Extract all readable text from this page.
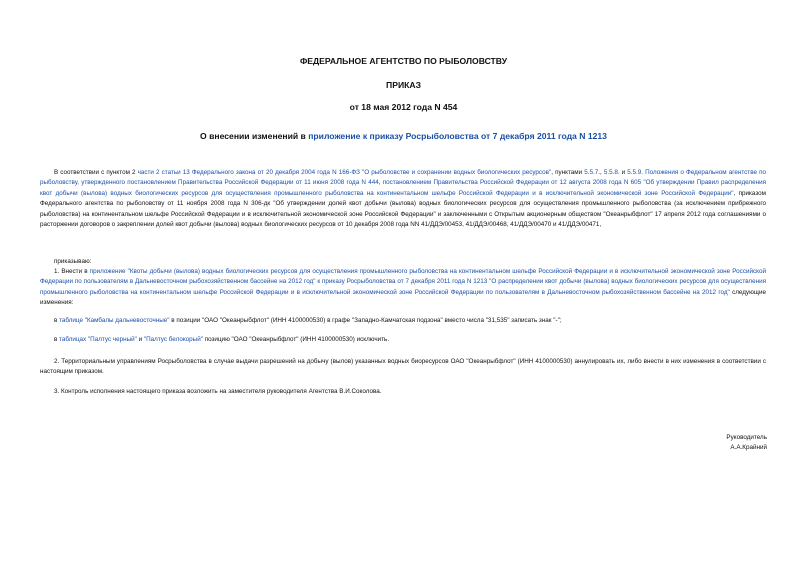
ФЕДЕРАЛЬНОЕ АГЕНТСТВО ПО РЫБОЛОВСТВУ
ПРИКАЗ
от 18 мая 2012 года N 454
О внесении изменений в приложение к приказу Росрыболовства от 7 декабря 2011 года N 1213
В соответствии с пунктом 2 части 2 статьи 13 Федерального закона от 20 декабря 2004 года N 166-ФЗ "О рыболовстве и сохранении водных биологических ресурсов", пунктами 5.5.7., 5.5.8. и 5.5.9. Положения о Федеральном агентстве по рыболовству, утвержденного постановлением Правительства Российской Федерации от 11 июня 2008 года N 444, постановлением Правительства Российской Федерации от 12 августа 2008 года N 605 "Об утверждении Правил распределения квот добычи (вылова) водных биологических ресурсов для осуществления промышленного рыболовства на континентальном шельфе Российской Федерации и в исключительной экономической зоне Российской Федерации", приказом Федерального агентства по рыболовству от 11 ноября 2008 года N 306-дк "Об утверждении долей квот добычи (вылова) водных биологических ресурсов для осуществления промышленного рыболовства (за исключением прибрежного рыболовства) на континентальном шельфе Российской Федерации и в исключительной экономической зоне Российской Федерации" и заключенными с Открытым акционерным обществом "Океанрыбфлот" 17 апреля 2012 года соглашениями о расторжении договоров о закреплении долей квот добычи (вылова) водных биологических ресурсов от 10 декабря 2008 года NN 41/ДДЭ/00453, 41/ДДЭ/00468, 41/ДДЭ/00470 и 41/ДДЭ/00471,
приказываю:
1. Внести в приложение "Квоты добычи (вылова) водных биологических ресурсов для осуществления промышленного рыболовства на континентальном шельфе Российской Федерации и в исключительной экономической зоне Российской Федерации по пользователям в Дальневосточном рыбохозяйственном бассейне на 2012 год" к приказу Росрыболовства от 7 декабря 2011 года N 1213 "О распределении квот добычи (вылова) водных биологических ресурсов для осуществления промышленного рыболовства на континентальном шельфе Российской Федерации и в исключительной экономической зоне Российской Федерации по пользователям в Дальневосточном рыбохозяйственном бассейне на 2012 год" следующие изменения:
в таблице "Камбалы дальневосточные" в позиции "ОАО "Океанрыбфлот" (ИНН 4100000530) в графе "Западно-Камчатская подзона" вместо числа "31,535" записать знак "-";
в таблицах "Палтус черный" и "Палтус белокорый" позицию "ОАО "Океанрыбфлот" (ИНН 4100000530) исключить.
2. Территориальным управлениям Росрыболовства в случае выдачи разрешений на добычу (вылов) указанных водных биоресурсов ОАО "Океанрыбфлот" (ИНН 4100000530) аннулировать их, либо внести в них изменения в соответствии с настоящим приказом.
3. Контроль исполнения настоящего приказа возложить на заместителя руководителя Агентства В.И.Соколова.
Руководитель
А.А.Крайний
